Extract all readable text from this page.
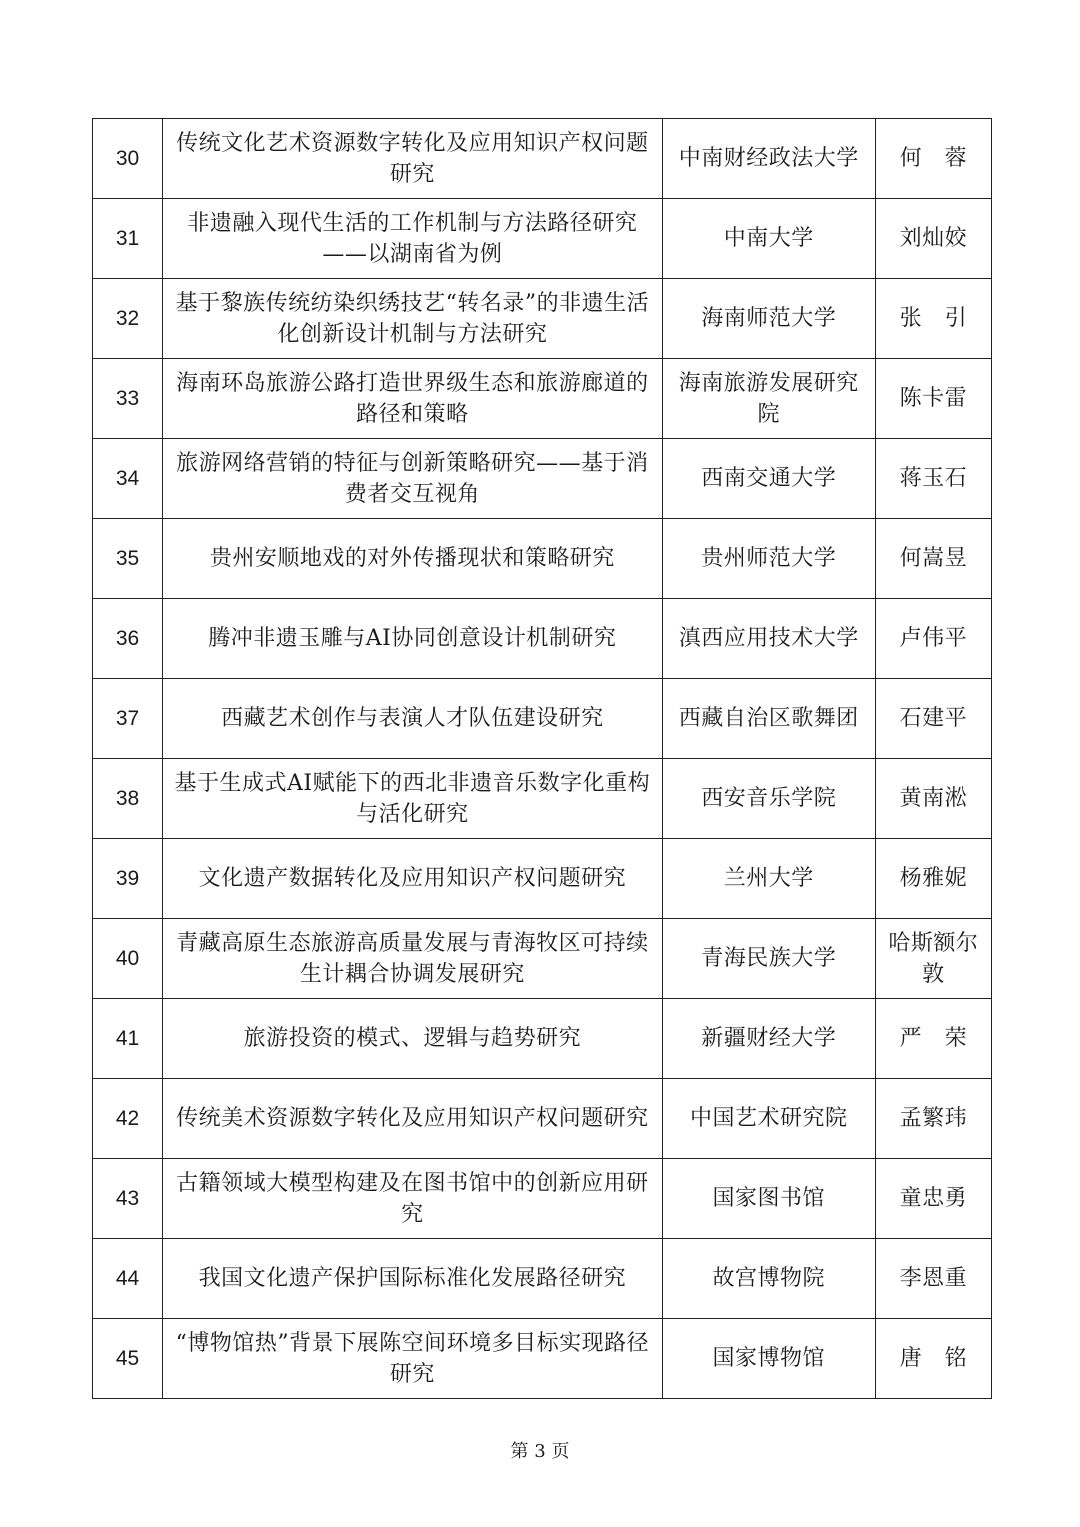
30	传统文化艺术资源数字转化及应用知识产权问题研究	中南财经政法大学	何　蓉
31	非遗融入现代生活的工作机制与方法路径研究——以湖南省为例	中南大学	刘灿姣
32	基于黎族传统纺染织绣技艺“转名录”的非遗生活化创新设计机制与方法研究	海南师范大学	张　引
33	海南环岛旅游公路打造世界级生态和旅游廊道的路径和策略	海南旅游发展研究院	陈卡雷
34	旅游网络营销的特征与创新策略研究——基于消费者交互视角	西南交通大学	蒋玉石
35	贵州安顺地戏的对外传播现状和策略研究	贵州师范大学	何嵩昱
36	腾冲非遗玉雕与AI协同创意设计机制研究	滇西应用技术大学	卢伟平
37	西藏艺术创作与表演人才队伍建设研究	西藏自治区歌舞团	石建平
38	基于生成式AI赋能下的西北非遗音乐数字化重构与活化研究	西安音乐学院	黄南淞
39	文化遗产数据转化及应用知识产权问题研究	兰州大学	杨雅妮
40	青藏高原生态旅游高质量发展与青海牧区可持续生计耦合协调发展研究	青海民族大学	哈斯额尔敦
41	旅游投资的模式、逻辑与趋势研究	新疆财经大学	严　荣
42	传统美术资源数字转化及应用知识产权问题研究	中国艺术研究院	孟繁玮
43	古籍领域大模型构建及在图书馆中的创新应用研究	国家图书馆	童忠勇
44	我国文化遗产保护国际标准化发展路径研究	故宫博物院	李恩重
45	“博物馆热”背景下展陈空间环境多目标实现路径研究	国家博物馆	唐　铭
第 3 页
